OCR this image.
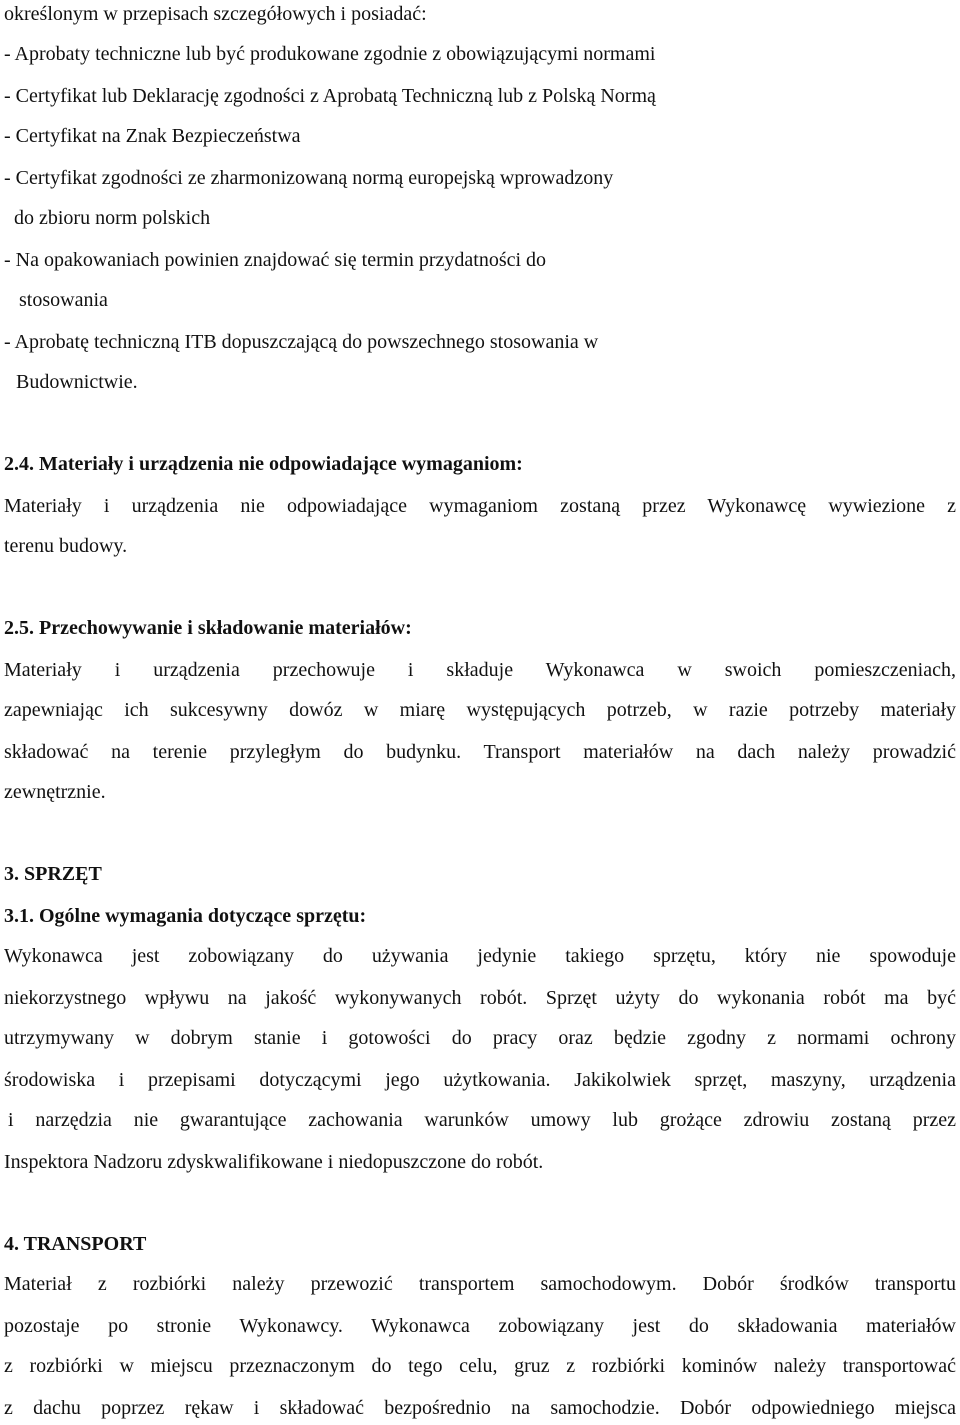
określonym w przepisach szczegółowych i posiadać:
- Aprobaty techniczne lub być produkowane zgodnie z obowiązującymi normami
- Certyfikat lub Deklarację zgodności z Aprobatą Techniczną lub z Polską Normą
- Certyfikat na Znak Bezpieczeństwa
- Certyfikat zgodności ze zharmonizowaną normą europejską wprowadzony
do zbioru norm polskich
- Na opakowaniach powinien znajdować się termin przydatności do
stosowania
- Aprobatę techniczną ITB dopuszczającą do powszechnego stosowania w
Budownictwie.
2.4. Materiały i urządzenia nie odpowiadające wymaganiom:
Materiały i urządzenia nie odpowiadające wymaganiom zostaną przez Wykonawcę wywiezione z
terenu budowy.
2.5. Przechowywanie i składowanie materiałów:
Materiały i urządzenia przechowuje i składuje Wykonawca w swoich pomieszczeniach,
zapewniając ich sukcesywny dowóz w miarę występujących potrzeb, w razie potrzeby materiały
składować na terenie przyległym do budynku. Transport materiałów na dach należy prowadzić
zewnętrznie.
3. SPRZĘT
3.1. Ogólne wymagania dotyczące sprzętu:
Wykonawca jest zobowiązany do używania jedynie takiego sprzętu, który nie spowoduje
niekorzystnego wpływu na jakość wykonywanych robót. Sprzęt użyty do wykonania robót ma być
utrzymywany w dobrym stanie i gotowości do pracy oraz będzie zgodny z normami ochrony
środowiska i przepisami dotyczącymi jego użytkowania. Jakikolwiek sprzęt, maszyny, urządzenia
i narzędzia nie gwarantujące zachowania warunków umowy lub grożące zdrowiu zostaną przez
Inspektora Nadzoru zdyskwalifikowane i niedopuszczone do robót.
4. TRANSPORT
Materiał z rozbiórki należy przewozić transportem samochodowym. Dobór środków transportu
pozostaje po stronie Wykonawcy. Wykonawca zobowiązany jest do składowania materiałów
z rozbiórki w miejscu przeznaczonym do tego celu, gruz z rozbiórki kominów należy transportować
z dachu poprzez rękaw i składować bezpośrednio na samochodzie. Dobór odpowiedniego miejsca
